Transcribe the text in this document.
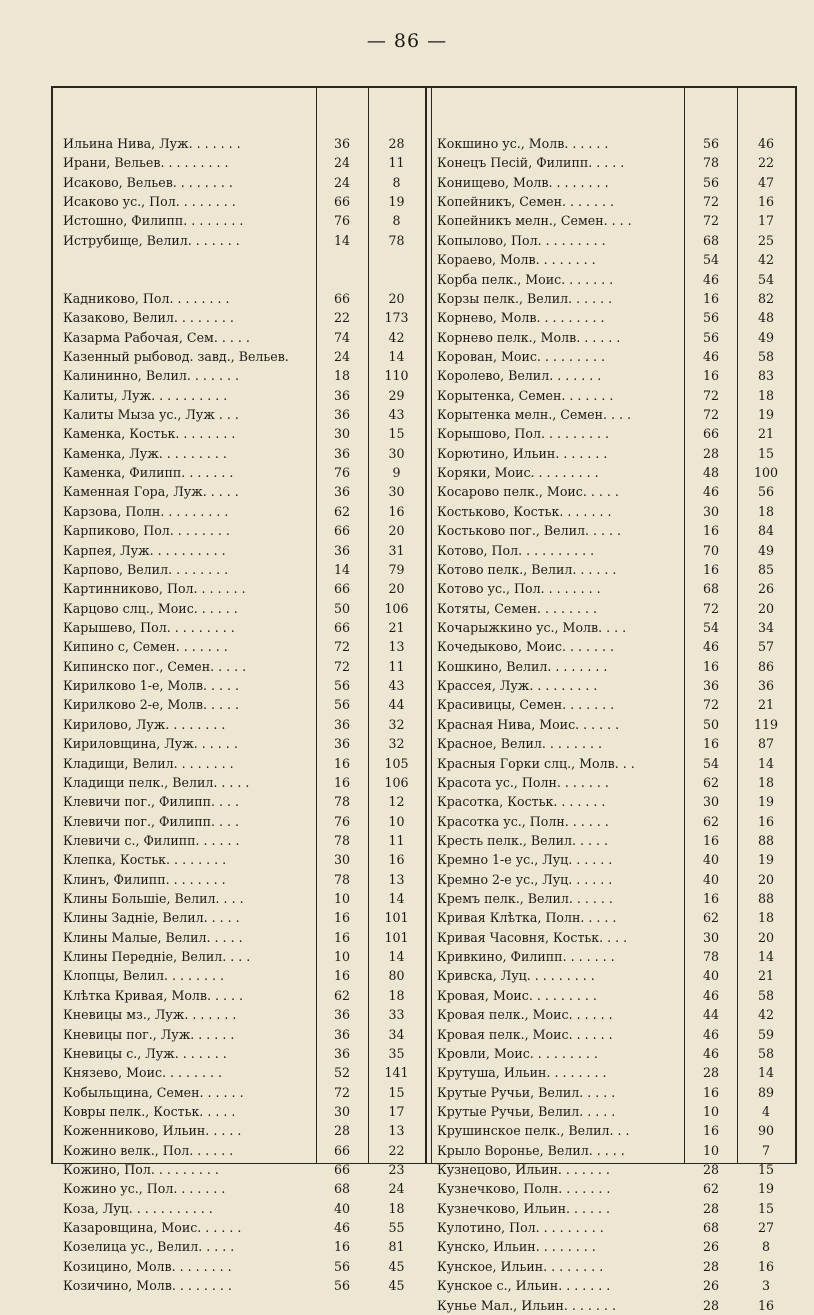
— 86 —
Ильина Нива, Луж. . . . . . .	36	28
Ирани, Вельев. . . . . . . . .	24	11
Исаково, Вельев. . . . . . . .	24	8
Исаково ус., Пол. . . . . . . .	66	19
Истошно, Филипп. . . . . . . .	76	8
Иструбище, Велил. . . . . . .	14	78
Кадниково, Пол. . . . . . . .	66	20
Казаково, Велил. . . . . . . .	22	173
Казарма Рабочая, Сем. . . . .	74	42
Казенный рыбовод. завд., Вельев.	24	14
Калининно, Велил. . . . . . .	18	110
Калиты, Луж. . . . . . . . . .	36	29
Калиты Мыза ус., Луж . . .	36	43
Каменка, Костьк. . . . . . . .	30	15
Каменка, Луж. . . . . . . . .	36	30
Каменка, Филипп. . . . . . .	76	9
Каменная Гора, Луж. . . . .	36	30
Карзова, Полн. . . . . . . . .	62	16
Карпиково, Пол. . . . . . . .	66	20
Карпея, Луж. . . . . . . . . .	36	31
Карпово, Велил. . . . . . . .	14	79
Картинниково, Пол. . . . . . .	66	20
Карцово слц., Моис. . . . . .	50	106
Карышево, Пол. . . . . . . . .	66	21
Кипино с, Семен. . . . . . .	72	13
Кипинско пог., Семен. . . . .	72	11
Кирилково 1-е, Молв. . . . .	56	43
Кирилково 2-е, Молв. . . . .	56	44
Кирилово, Луж. . . . . . . .	36	32
Кириловщина, Луж. . . . . .	36	32
Кладищи, Велил. . . . . . . .	16	105
Кладищи пелк., Велил. . . . .	16	106
Клевичи пог., Филипп. . . .	78	12
Клевичи пог., Филипп. . . .	76	10
Клевичи с., Филипп. . . . . .	78	11
Клепка, Костьк. . . . . . . .	30	16
Клинъ, Филипп. . . . . . . .	78	13
Клины Большіе, Велил. . . .	10	14
Клины Задніе, Велил. . . . .	16	101
Клины Малые, Велил. . . . .	16	101
Клины Передніе, Велил. . . .	10	14
Клопцы, Велил. . . . . . . .	16	80
Клѣтка Кривая, Молв. . . . .	62	18
Кневицы мз., Луж. . . . . . .	36	33
Кневицы пог., Луж. . . . . .	36	34
Кневицы с., Луж. . . . . . .	36	35
Князево, Моис. . . . . . . .	52	141
Кобыльщина, Семен. . . . . .	72	15
Ковры пелк., Костьк. . . . .	30	17
Коженниково, Ильин. . . . .	28	13
Кожино велк., Пол. . . . . .	66	22
Кожино, Пол. . . . . . . . .	66	23
Кожино ус., Пол. . . . . . .	68	24
Коза, Луц. . . . . . . . . . .	40	18
Казаровщина, Моис. . . . . .	46	55
Козелица ус., Велил. . . . .	16	81
Козицино, Молв. . . . . . . .	56	45
Козичино, Молв. . . . . . . .	56	45
Кокшино ус., Молв. . . . . .	56	46
Конецъ Песій, Филипп. . . . .	78	22
Конищево, Молв. . . . . . . .	56	47
Копейникъ, Семен. . . . . . .	72	16
Копейникъ мелн., Семен. . . .	72	17
Копылово, Пол. . . . . . . . .	68	25
Кораево, Молв. . . . . . . .	54	42
Корба пелк., Моис. . . . . . .	46	54
Корзы пелк., Велил. . . . . .	16	82
Корнево, Молв. . . . . . . . .	56	48
Корнево пелк., Молв. . . . . .	56	49
Корован, Моис. . . . . . . . .	46	58
Королево, Велил. . . . . . .	16	83
Корытенка, Семен. . . . . . .	72	18
Корытенка мелн., Семен. . . .	72	19
Корышово, Пол. . . . . . . . .	66	21
Корютино, Ильин. . . . . . .	28	15
Коряки, Моис. . . . . . . . .	48	100
Косарово пелк., Моис. . . . .	46	56
Костьково, Костьк. . . . . . .	30	18
Костьково пог., Велил. . . . .	16	84
Котово, Пол. . . . . . . . . .	70	49
Котово пелк., Велил. . . . . .	16	85
Котово ус., Пол. . . . . . . .	68	26
Котяты, Семен. . . . . . . .	72	20
Кочарыжкино ус., Молв. . . .	54	34
Кочедыково, Моис. . . . . . .	46	57
Кошкино, Велил. . . . . . . .	16	86
Крассея, Луж. . . . . . . . .	36	36
Красивицы, Семен. . . . . . .	72	21
Красная Нива, Моис. . . . . .	50	119
Красное, Велил. . . . . . . .	16	87
Красныя Горки слц., Молв. . .	54	14
Красота ус., Полн. . . . . . .	62	18
Красотка, Костьк. . . . . . .	30	19
Красотка ус., Полн. . . . . .	62	16
Кресть пелк., Велил. . . . .	16	88
Кремно 1-е ус., Луц. . . . . .	40	19
Кремно 2-е ус., Луц. . . . . .	40	20
Кремъ пелк., Велил. . . . . .	16	88
Кривая Клѣтка, Полн. . . . .	62	18
Кривая Часовня, Костьк. . . .	30	20
Кривкино, Филипп. . . . . . .	78	14
Кривска, Луц. . . . . . . . .	40	21
Кровая, Моис. . . . . . . . .	46	58
Кровая пелк., Моис. . . . . .	44	42
Кровая пелк., Моис. . . . . .	46	59
Кровли, Моис. . . . . . . . .	46	58
Крутуша, Ильин. . . . . . . .	28	14
Крутые Ручьи, Велил. . . . .	16	89
Крутые Ручьи, Велил. . . . .	10	4
Крушинское пелк., Велил. . .	16	90
Крыло Воронье, Велил. . . . .	10	7
Кузнецово, Ильин. . . . . . .	28	15
Кузнечково, Полн. . . . . . .	62	19
Кузнечково, Ильин. . . . . .	28	15
Кулотино, Пол. . . . . . . . .	68	27
Кунско, Ильин. . . . . . . .	26	8
Кунское, Ильин. . . . . . . .	28	16
Кунское с., Ильин. . . . . . .	26	3
Кунье Мал., Ильин. . . . . . .	28	16
